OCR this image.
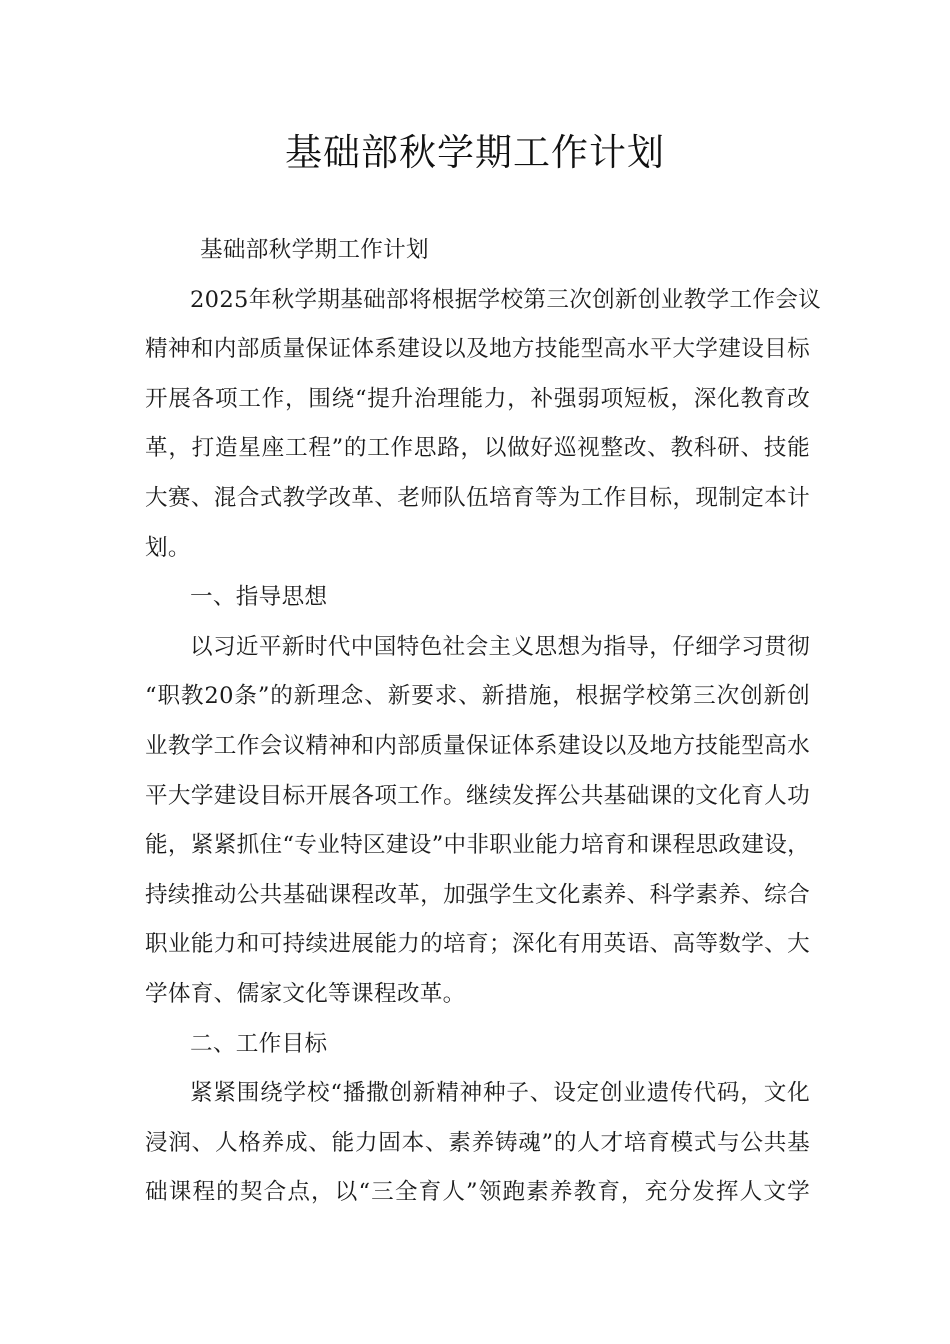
基础部秋学期工作计划
基础部秋学期工作计划
2025年秋学期基础部将根据学校第三次创新创业教学工作会议
精神和内部质量保证体系建设以及地方技能型高水平大学建设目标
开展各项工作，围绕“提升治理能力，补强弱项短板，深化教育改
革，打造星座工程”的工作思路，以做好巡视整改、教科研、技能
大赛、混合式教学改革、老师队伍培育等为工作目标，现制定本计
划。
一、指导思想
以习近平新时代中国特色社会主义思想为指导，仔细学习贯彻
“职教20条”的新理念、新要求、新措施，根据学校第三次创新创
业教学工作会议精神和内部质量保证体系建设以及地方技能型高水
平大学建设目标开展各项工作。继续发挥公共基础课的文化育人功
能，紧紧抓住“专业特区建设”中非职业能力培育和课程思政建设，
持续推动公共基础课程改革，加强学生文化素养、科学素养、综合
职业能力和可持续进展能力的培育；深化有用英语、高等数学、大
学体育、儒家文化等课程改革。
二、工作目标
紧紧围绕学校“播撒创新精神种子、设定创业遗传代码，文化
浸润、人格养成、能力固本、素养铸魂”的人才培育模式与公共基
础课程的契合点，以“三全育人”领跑素养教育，充分发挥人文学
